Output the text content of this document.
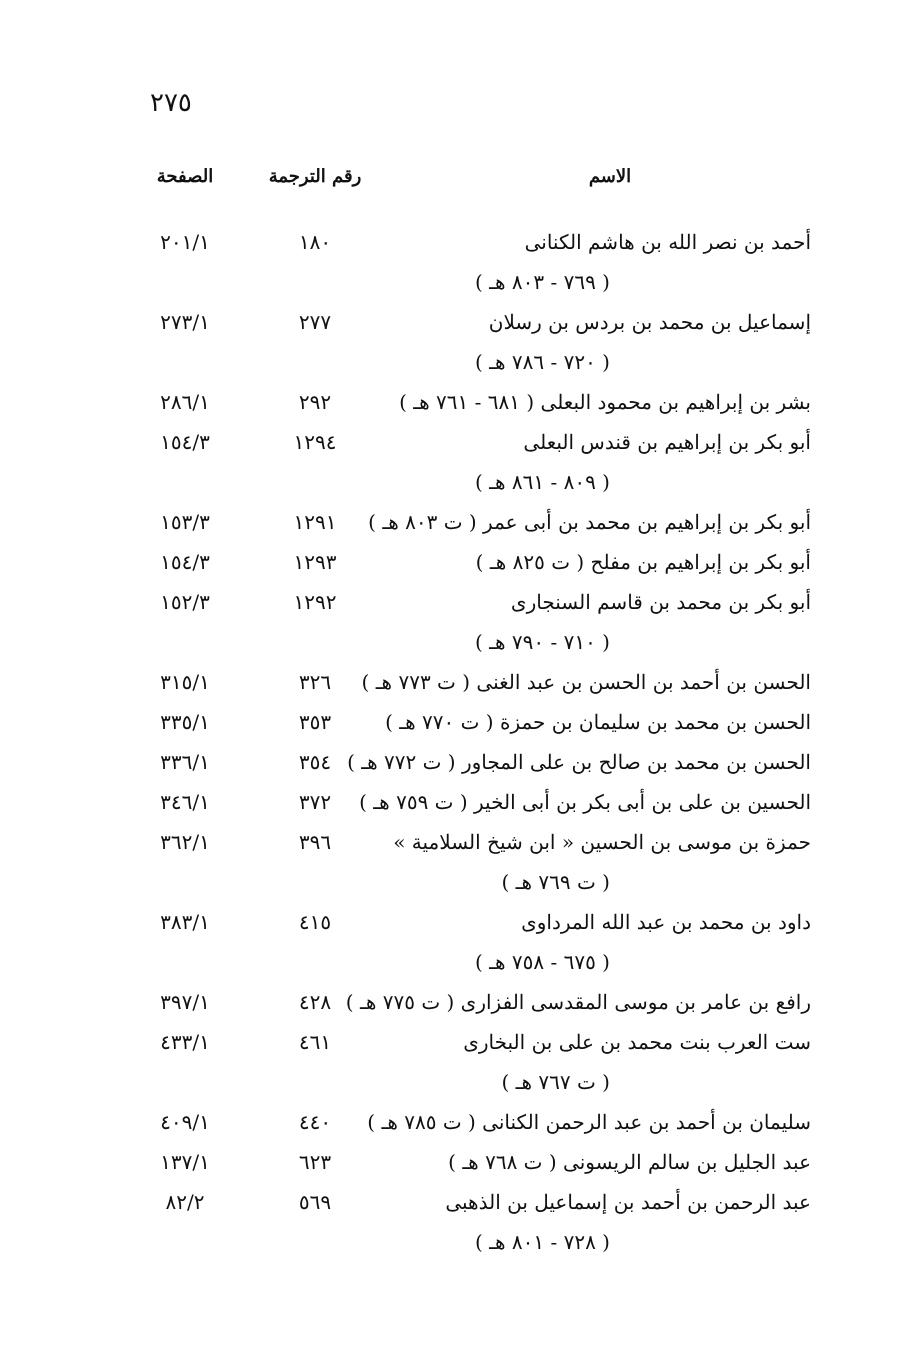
٢٧٥
الاسم
رقم الترجمة
الصفحة
أحمد بن نصر الله بن هاشم الكنانى
١٨٠
٢٠١/١
( ٧٦٩ - ٨٠٣ هـ )
إسماعيل بن محمد بن بردس بن رسلان
٢٧٧
٢٧٣/١
( ٧٢٠ - ٧٨٦ هـ )
بشر بن إبراهيم بن محمود البعلى ( ٦٨١ - ٧٦١ هـ )
٢٩٢
٢٨٦/١
أبو بكر بن إبراهيم بن قندس البعلى
١٢٩٤
١٥٤/٣
( ٨٠٩ - ٨٦١ هـ )
أبو بكر بن إبراهيم بن محمد بن أبى عمر ( ت ٨٠٣ هـ )
١٢٩١
١٥٣/٣
أبو بكر بن إبراهيم بن مفلح ( ت ٨٢٥ هـ )
١٢٩٣
١٥٤/٣
أبو بكر بن محمد بن قاسم السنجارى
١٢٩٢
١٥٢/٣
( ٧١٠ - ٧٩٠ هـ )
الحسن بن أحمد بن الحسن بن عبد الغنى ( ت ٧٧٣ هـ )
٣٢٦
٣١٥/١
الحسن بن محمد بن سليمان بن حمزة ( ت ٧٧٠ هـ )
٣٥٣
٣٣٥/١
الحسن بن محمد بن صالح بن على المجاور ( ت ٧٧٢ هـ )
٣٥٤
٣٣٦/١
الحسين بن على بن أبى بكر بن أبى الخير ( ت ٧٥٩ هـ )
٣٧٢
٣٤٦/١
حمزة بن موسى بن الحسين « ابن شيخ السلامية »
٣٩٦
٣٦٢/١
( ت ٧٦٩ هـ )
داود بن محمد بن عبد الله المرداوى
٤١٥
٣٨٣/١
( ٦٧٥ - ٧٥٨ هـ )
رافع بن عامر بن موسى المقدسى الفزارى ( ت ٧٧٥ هـ )
٤٢٨
٣٩٧/١
ست العرب بنت محمد بن على بن البخارى
٤٦١
٤٣٣/١
( ت ٧٦٧ هـ )
سليمان بن أحمد بن عبد الرحمن الكنانى ( ت ٧٨٥ هـ )
٤٤٠
٤٠٩/١
عبد الجليل بن سالم الريسونى ( ت ٧٦٨ هـ )
٦٢٣
١٣٧/١
عبد الرحمن بن أحمد بن إسماعيل بن الذهبى
٥٦٩
٨٢/٢
( ٧٢٨ - ٨٠١ هـ )
